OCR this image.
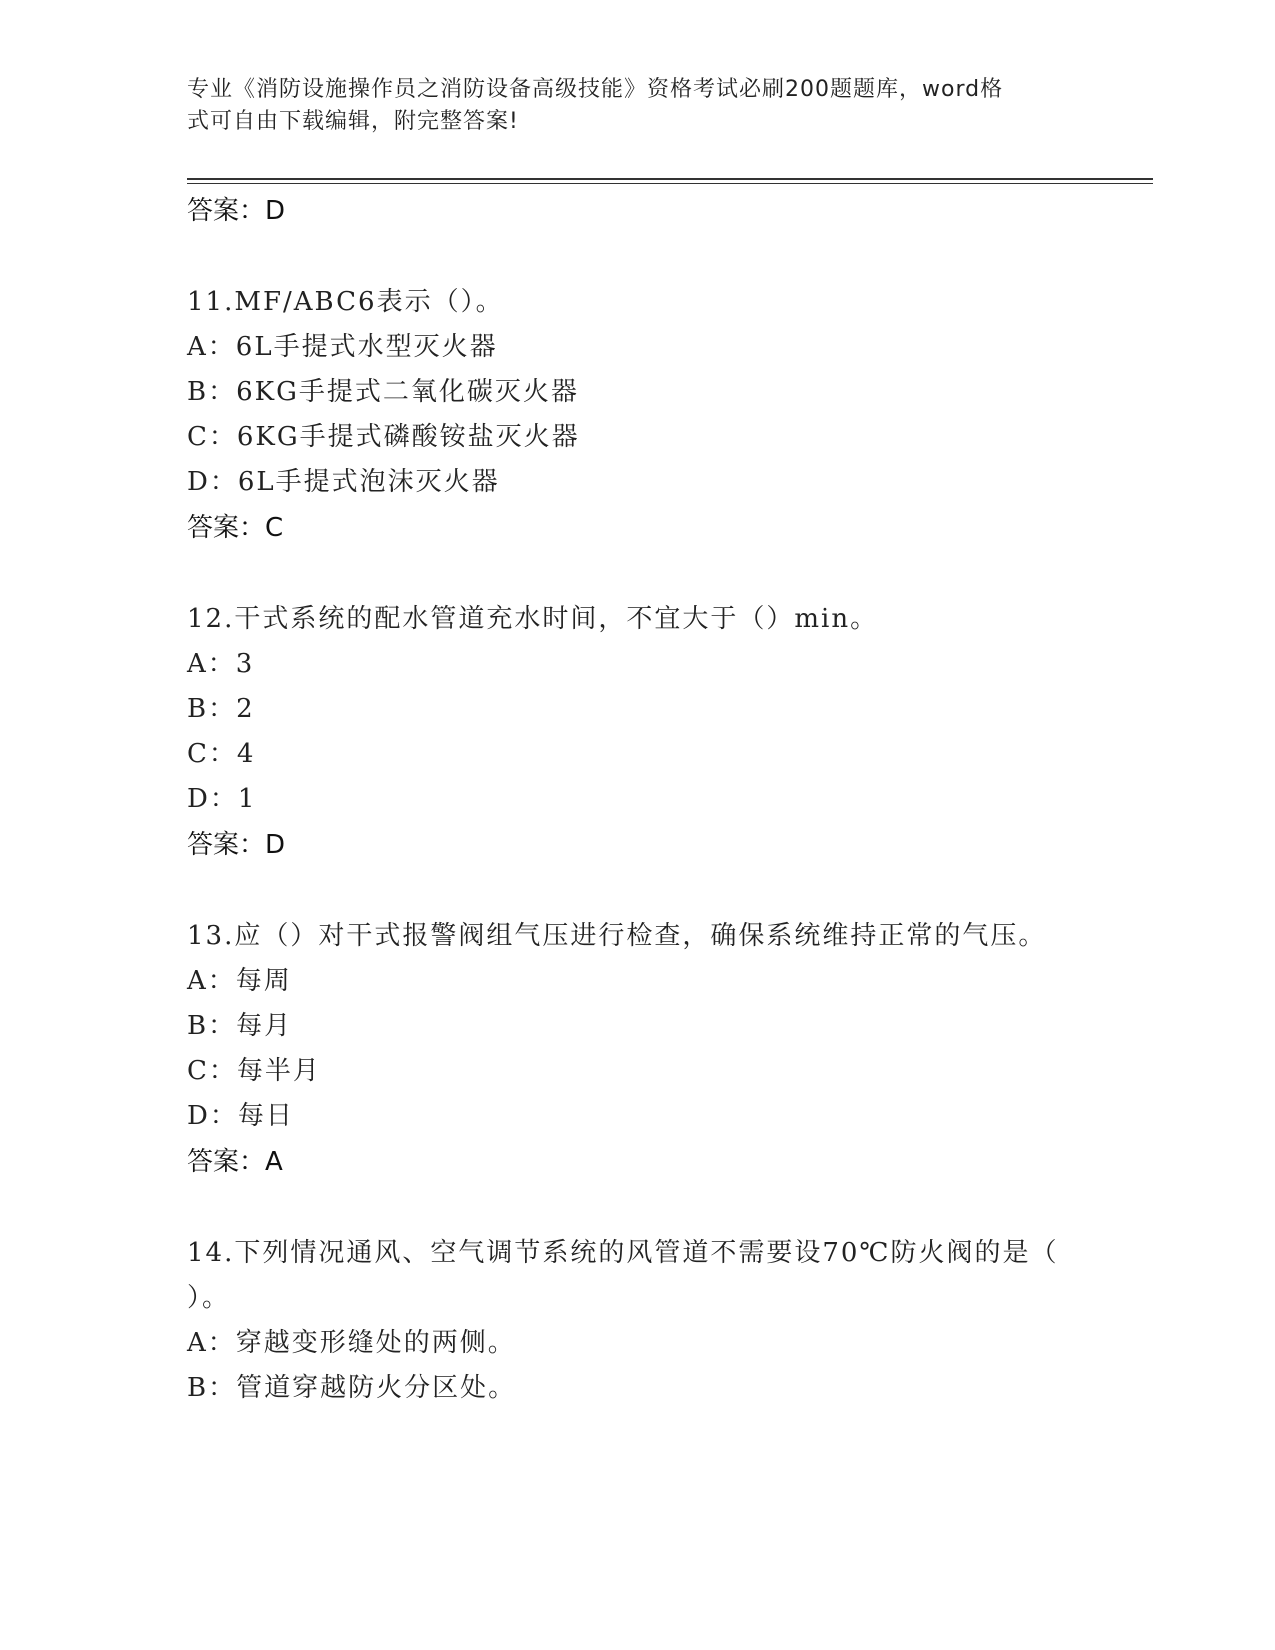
专业《消防设施操作员之消防设备高级技能》资格考试必刷200题题库，word格
式可自由下载编辑，附完整答案!
答案：D
11.MF/ABC6表示（）。
A：6L手提式水型灭火器
B：6KG手提式二氧化碳灭火器
C：6KG手提式磷酸铵盐灭火器
D：6L手提式泡沫灭火器
答案：C
12.干式系统的配水管道充水时间，不宜大于（）min。
A：3
B：2
C：4
D：1
答案：D
13.应（）对干式报警阀组气压进行检查，确保系统维持正常的气压。
A：每周
B：每月
C：每半月
D：每日
答案：A
14.下列情况通风、空气调节系统的风管道不需要设70℃防火阀的是（
）。
A：穿越变形缝处的两侧。
B：管道穿越防火分区处。
